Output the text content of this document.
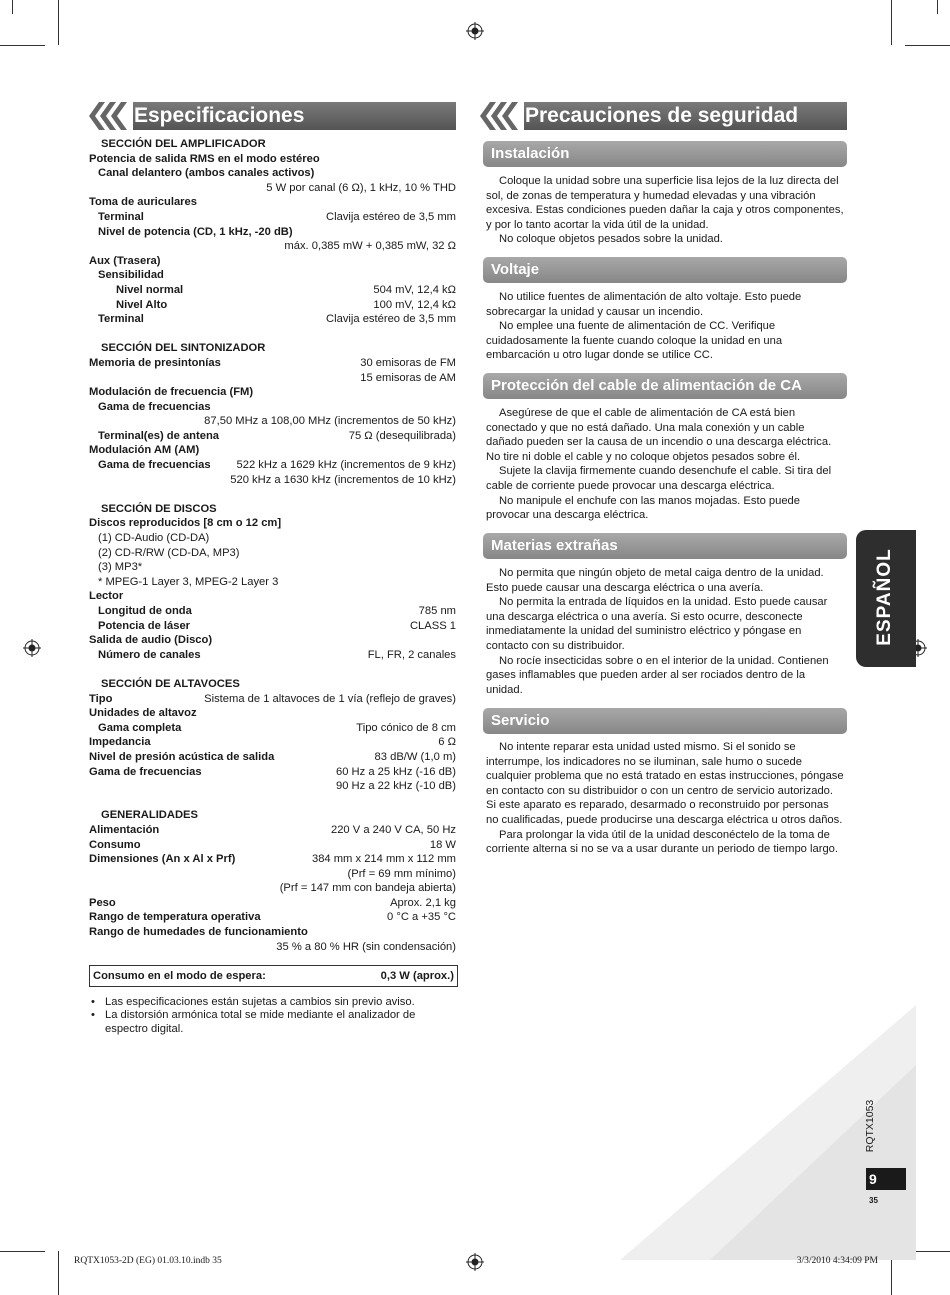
Especificaciones	Precauciones de seguridad
SECCIÓN DEL AMPLIFICADOR
Potencia de salida RMS en el modo estéreo
Canal delantero (ambos canales activos)
5 W por canal (6 Ω), 1 kHz, 10 % THD
Toma de auriculares
Terminal	Clavija estéreo de 3,5 mm
Nivel de potencia (CD, 1 kHz, -20 dB)
máx. 0,385 mW + 0,385 mW, 32 Ω
Aux (Trasera)
Sensibilidad
Nivel normal	504 mV, 12,4 kΩ
Nivel Alto	100 mV, 12,4 kΩ
Terminal	Clavija estéreo de 3,5 mm
SECCIÓN DEL SINTONIZADOR
Memoria de presintonías	30 emisoras de FM
15 emisoras de AM
Modulación de frecuencia (FM)
Gama de frecuencias
87,50 MHz a 108,00 MHz (incrementos de 50 kHz)
Terminal(es) de antena	75 Ω (desequilibrada)
Modulación AM (AM)
Gama de frecuencias 522 kHz a 1629 kHz (incrementos de 9 kHz)
520 kHz a 1630 kHz (incrementos de 10 kHz)
SECCIÓN DE DISCOS
Discos reproducidos [8 cm o 12 cm]
(1) CD-Audio (CD-DA)
(2) CD-R/RW (CD-DA, MP3)
(3) MP3*
* MPEG-1 Layer 3, MPEG-2 Layer 3
Lector
Longitud de onda	785 nm
Potencia de láser	CLASS 1
Salida de audio (Disco)
Número de canales	FL, FR, 2 canales
SECCIÓN DE ALTAVOCES
Tipo	Sistema de 1 altavoces de 1 vía (reflejo de graves)
Unidades de altavoz
Gama completa	Tipo cónico de 8 cm
Impedancia	6 Ω
Nivel de presión acústica de salida	83 dB/W (1,0 m)
Gama de frecuencias	60 Hz a 25 kHz (-16 dB)
90 Hz a 22 kHz (-10 dB)
GENERALIDADES
Alimentación	220 V a 240 V CA, 50 Hz
Consumo	18 W
Dimensiones (An x Al x Prf)	384 mm x 214 mm x 112 mm
(Prf = 69 mm mínimo)
(Prf = 147 mm con bandeja abierta)
Peso	Aprox. 2,1 kg
Rango de temperatura operativa	0 °C a +35 °C
Rango de humedades de funcionamiento
35 % a 80 % HR (sin condensación)
Consumo en el modo de espera:	0,3 W (aprox.)
• Las especificaciones están sujetas a cambios sin previo aviso.
• La distorsión armónica total se mide mediante el analizador de espectro digital.
Instalación

Coloque la unidad sobre una superficie lisa lejos de la luz directa del sol, de zonas de temperatura y humedad elevadas y una vibración excesiva. Estas condiciones pueden dañar la caja y otros componentes, y por lo tanto acortar la vida útil de la unidad.

No coloque objetos pesados sobre la unidad.

Voltaje

No utilice fuentes de alimentación de alto voltaje. Esto puede sobrecargar la unidad y causar un incendio.

No emplee una fuente de alimentación de CC. Verifique cuidadosamente la fuente cuando coloque la unidad en una embarcación u otro lugar donde se utilice CC.

Protección del cable de alimentación de CA

Asegúrese de que el cable de alimentación de CA está bien conectado y que no está dañado. Una mala conexión y un cable dañado pueden ser la causa de un incendio o una descarga eléctrica. No tire ni doble el cable y no coloque objetos pesados sobre él.

Sujete la clavija firmemente cuando desenchufe el cable. Si tira del cable de corriente puede provocar una descarga eléctrica.

No manipule el enchufe con las manos mojadas. Esto puede provocar una descarga eléctrica.

Materias extrañas

No permita que ningún objeto de metal caiga dentro de la unidad. Esto puede causar una descarga eléctrica o una avería.

No permita la entrada de líquidos en la unidad. Esto puede causar una descarga eléctrica o una avería. Si esto ocurre, desconecte inmediatamente la unidad del suministro eléctrico y póngase en contacto con su distribuidor.

No rocíe insecticidas sobre o en el interior de la unidad. Contienen gases inflamables que pueden arder al ser rociados dentro de la unidad.

Servicio

No intente reparar esta unidad usted mismo. Si el sonido se interrumpe, los indicadores no se iluminan, sale humo o sucede cualquier problema que no está tratado en estas instrucciones, póngase en contacto con su distribuidor o con un centro de servicio autorizado. Si este aparato es reparado, desarmado o reconstruido por personas no cualificadas, puede producirse una descarga eléctrica u otros daños.

Para prolongar la vida útil de la unidad desconéctelo de la toma de corriente alterna si no se va a usar durante un periodo de tiempo largo.

ESPAÑOL
RQTX1053
9
35
RQTX1053-2D (EG) 01.03.10.indb 35	3/3/2010 4:34:09 PM
